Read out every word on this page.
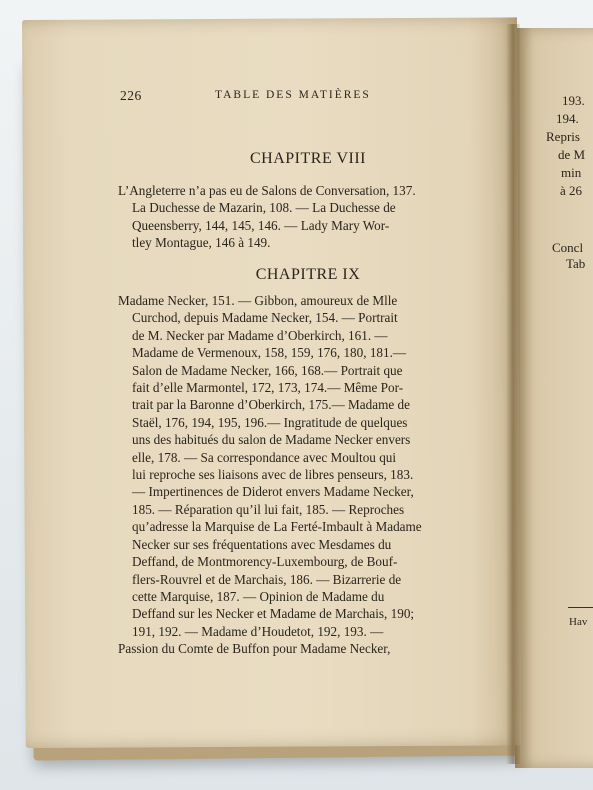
226	TABLE DES MATIÈRES
CHAPITRE VIII
L’Angleterre n’a pas eu de Salons de Conversation, 137.
La Duchesse de Mazarin, 108. — La Duchesse de
Queensberry, 144, 145, 146. — Lady Mary Wor-
tley Montague, 146 à 149.
CHAPITRE IX
Madame Necker, 151. — Gibbon, amoureux de Mlle
Curchod, depuis Madame Necker, 154. — Portrait
de M. Necker par Madame d’Oberkirch, 161. —
Madame de Vermenoux, 158, 159, 176, 180, 181.—
Salon de Madame Necker, 166, 168.— Portrait que
fait d’elle Marmontel, 172, 173, 174.— Même Por-
trait par la Baronne d’Oberkirch, 175.— Madame de
Staël, 176, 194, 195, 196.— Ingratitude de quelques
uns des habitués du salon de Madame Necker envers
elle, 178. — Sa correspondance avec Moultou qui
lui reproche ses liaisons avec de libres penseurs, 183.
— Impertinences de Diderot envers Madame Necker,
185. — Réparation qu’il lui fait, 185. — Reproches
qu’adresse la Marquise de La Ferté-Imbault à Madame
Necker sur ses fréquentations avec Mesdames du
Deffand, de Montmorency-Luxembourg, de Bouf-
flers-Rouvrel et de Marchais, 186. — Bizarrerie de
cette Marquise, 187. — Opinion de Madame du
Deffand sur les Necker et Madame de Marchais, 190;
191, 192. — Madame d’Houdetot, 192, 193. —
Passion du Comte de Buffon pour Madame Necker,
193.
194.
Repris
de M
min
à 26
Concl
Tab
Hav
